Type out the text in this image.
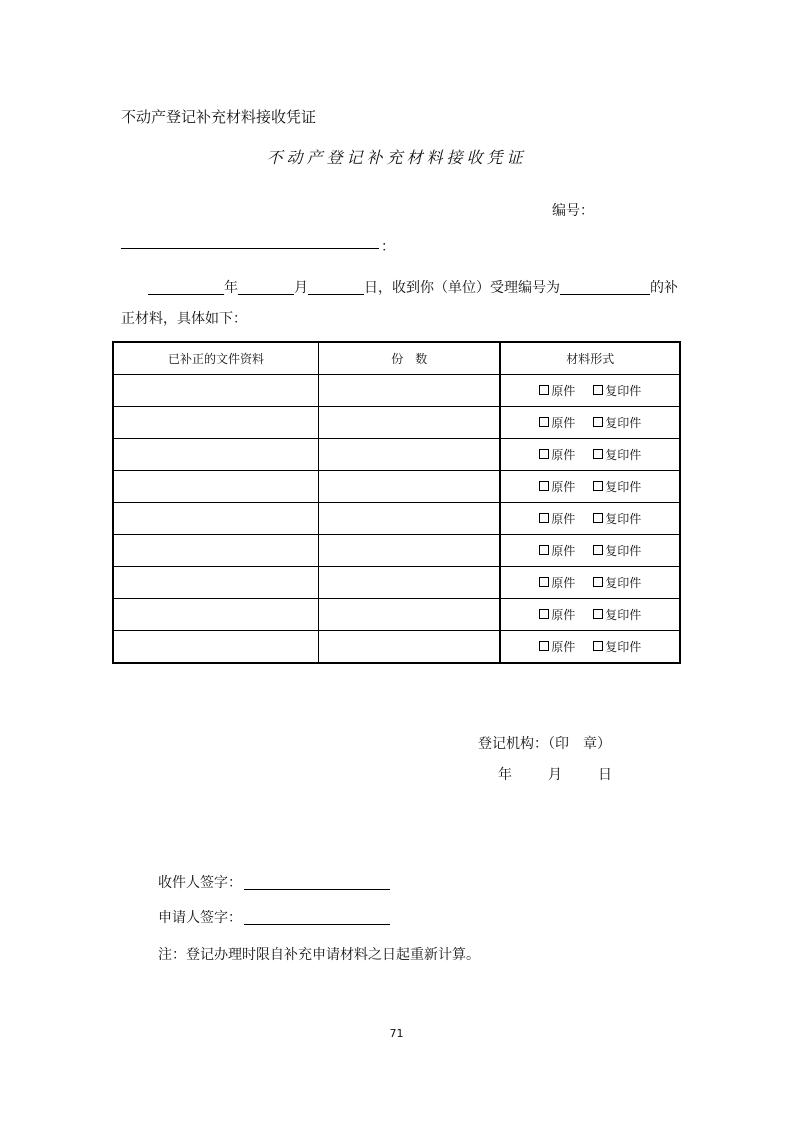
不动产登记补充材料接收凭证
不动产登记补充材料接收凭证
编号：
：
年	月	日，收到你（单位）受理编号为	的补
正材料，具体如下：
已补正的文件资料	份　数	材料形式
		原件 复印件
		原件 复印件
		原件 复印件
		原件 复印件
		原件 复印件
		原件 复印件
		原件 复印件
		原件 复印件
		原件 复印件
登记机构：（印　章）
年	月	日
收件人签字：
申请人签字：
注：登记办理时限自补充申请材料之日起重新计算。
71
